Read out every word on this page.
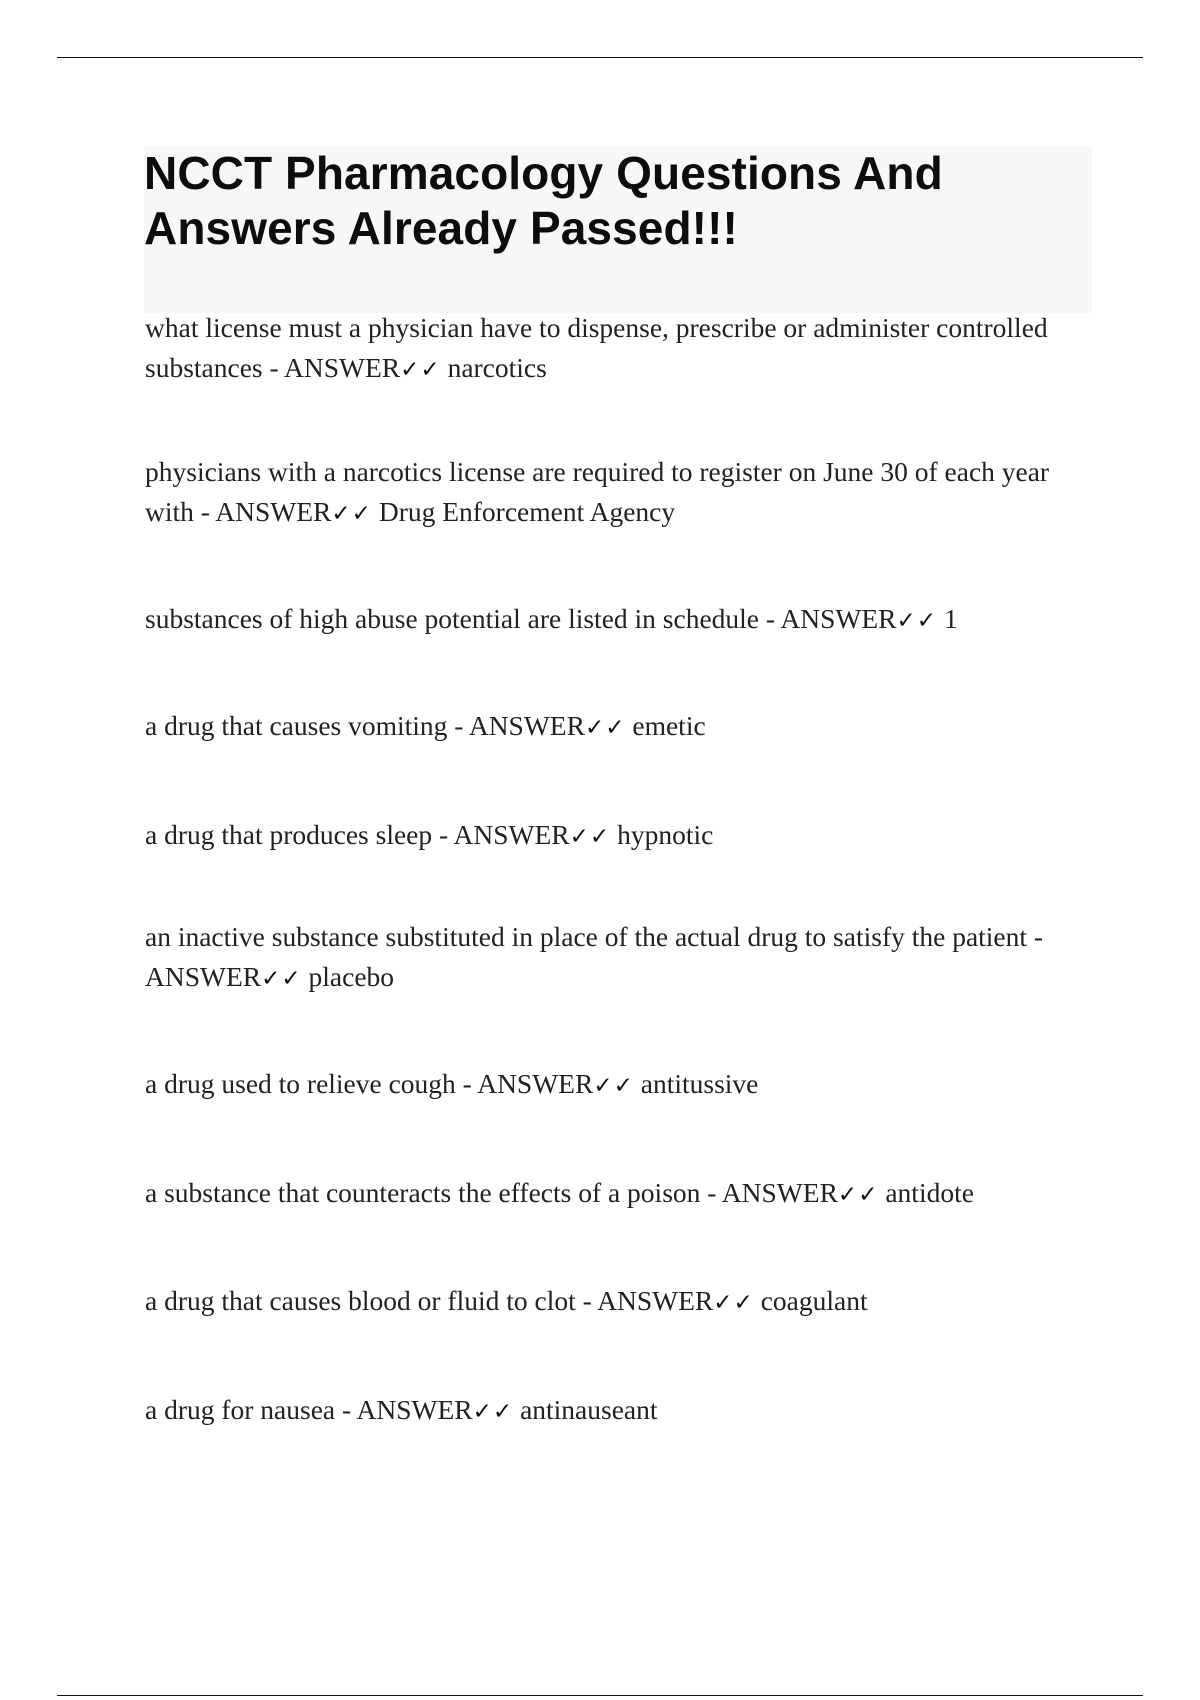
NCCT Pharmacology Questions And Answers Already Passed!!!

what license must a physician have to dispense, prescribe or administer controlled substances - ANSWER✓✓ narcotics

physicians with a narcotics license are required to register on June 30 of each year with - ANSWER✓✓ Drug Enforcement Agency

substances of high abuse potential are listed in schedule - ANSWER✓✓ 1

a drug that causes vomiting - ANSWER✓✓ emetic

a drug that produces sleep - ANSWER✓✓ hypnotic

an inactive substance substituted in place of the actual drug to satisfy the patient - ANSWER✓✓ placebo

a drug used to relieve cough - ANSWER✓✓ antitussive

a substance that counteracts the effects of a poison - ANSWER✓✓ antidote

a drug that causes blood or fluid to clot - ANSWER✓✓ coagulant

a drug for nausea - ANSWER✓✓ antinauseant
